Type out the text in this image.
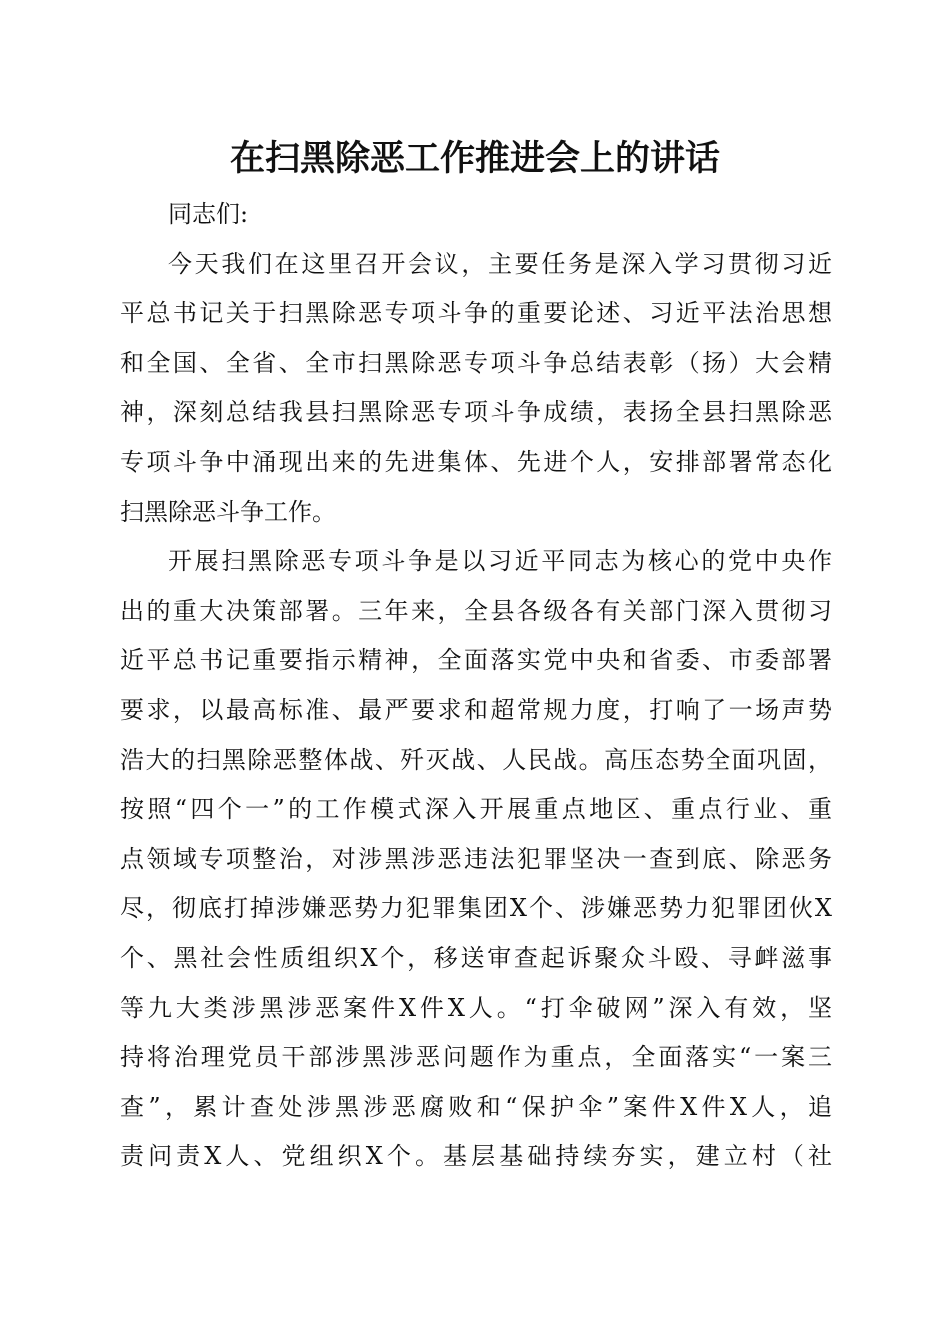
在扫黑除恶工作推进会上的讲话
同志们:
今天我们在这里召开会议，主要任务是深入学习贯彻习近
平总书记关于扫黑除恶专项斗争的重要论述、习近平法治思想
和全国、全省、全市扫黑除恶专项斗争总结表彰（扬）大会精
神，深刻总结我县扫黑除恶专项斗争成绩，表扬全县扫黑除恶
专项斗争中涌现出来的先进集体、先进个人，安排部署常态化
扫黑除恶斗争工作。
开展扫黑除恶专项斗争是以习近平同志为核心的党中央作
出的重大决策部署。三年来，全县各级各有关部门深入贯彻习
近平总书记重要指示精神，全面落实党中央和省委、市委部署
要求，以最高标准、最严要求和超常规力度，打响了一场声势
浩大的扫黑除恶整体战、歼灭战、人民战。高压态势全面巩固，
按照“四个一”的工作模式深入开展重点地区、重点行业、重
点领域专项整治，对涉黑涉恶违法犯罪坚决一查到底、除恶务
尽，彻底打掉涉嫌恶势力犯罪集团X个、涉嫌恶势力犯罪团伙X
个、黑社会性质组织X个，移送审查起诉聚众斗殴、寻衅滋事
等九大类涉黑涉恶案件X件X人。“打伞破网”深入有效，坚
持将治理党员干部涉黑涉恶问题作为重点，全面落实“一案三
查”，累计查处涉黑涉恶腐败和“保护伞”案件X件X人，追
责问责X人、党组织X个。基层基础持续夯实，建立村（社
